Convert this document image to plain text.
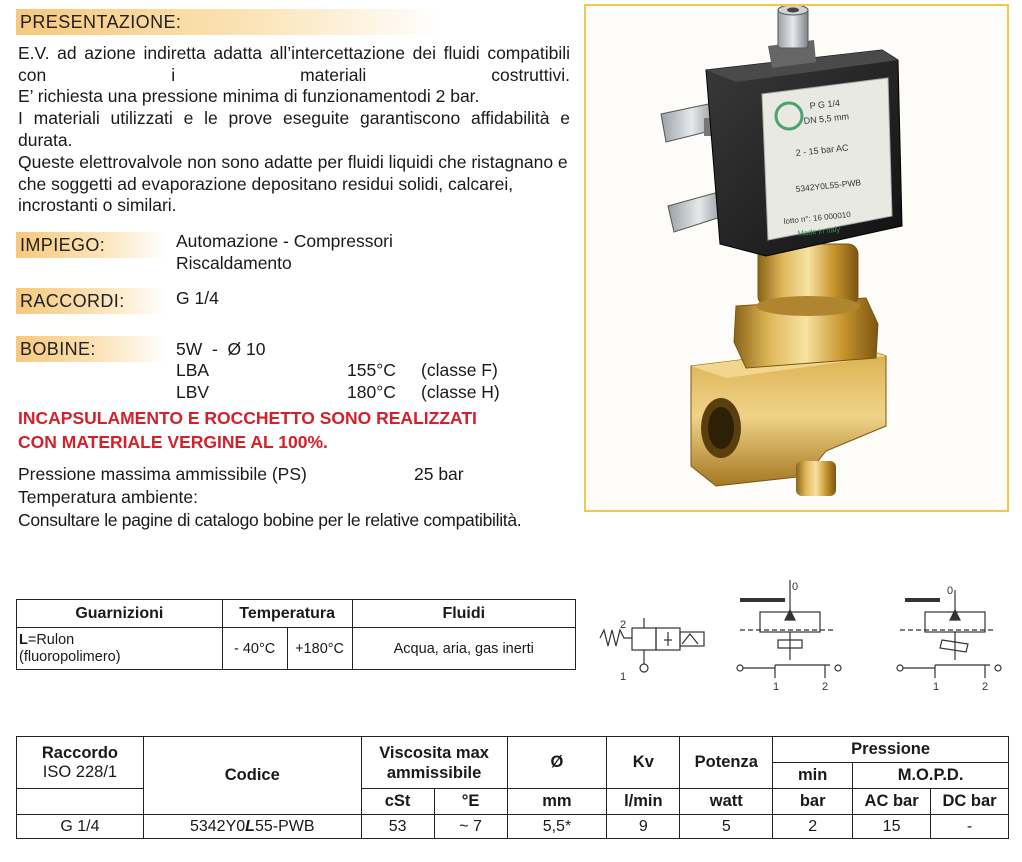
PRESENTAZIONE:
E.V. ad azione indiretta adatta all’intercettazione dei fluidi compatibili con i materiali costruttivi.
E’ richiesta una pressione minima di funzionamentodi 2 bar.
I materiali utilizzati e le prove eseguite garantiscono affidabilità e durata.
Queste elettrovalvole non sono adatte per fluidi liquidi che ristagnano e che soggetti ad evaporazione depositano residui solidi, calcarei, incrostanti o similari.
IMPIEGO:	Automazione - Compressori
Riscaldamento
RACCORDI:	G 1/4
BOBINE:	5W  -  Ø 10
LBA	155°C (classe F)
LBV	180°C (classe H)
INCAPSULAMENTO E ROCCHETTO SONO REALIZZATI
CON MATERIALE VERGINE AL 100%.
Pressione massima ammissibile (PS)	25 bar
Temperatura ambiente:
Consultare le pagine di catalogo bobine per le relative compatibilità.
P G 1/4
DN 5,5 mm
2 - 15 bar AC
5342Y0L55-PWB
lotto n°: 16 000010
Made in Italy
Guarnizioni	Temperatura		Fluidi
L=Rulon
(fluoropolimero)	- 40°C	+180°C	Acqua, aria, gas inerti
2
1
0
1	2
0
1	2
Raccordo
ISO 228/1	Codice	Viscosita max ammissibile		Ø	Kv	Potenza	Pressione		
							min	M.O.P.D.	
		cSt	°E	mm	l/min	watt	bar	AC bar	DC bar
G 1/4	5342Y0L55-PWB	53	~ 7	5,5*	9	5	2	15	-
